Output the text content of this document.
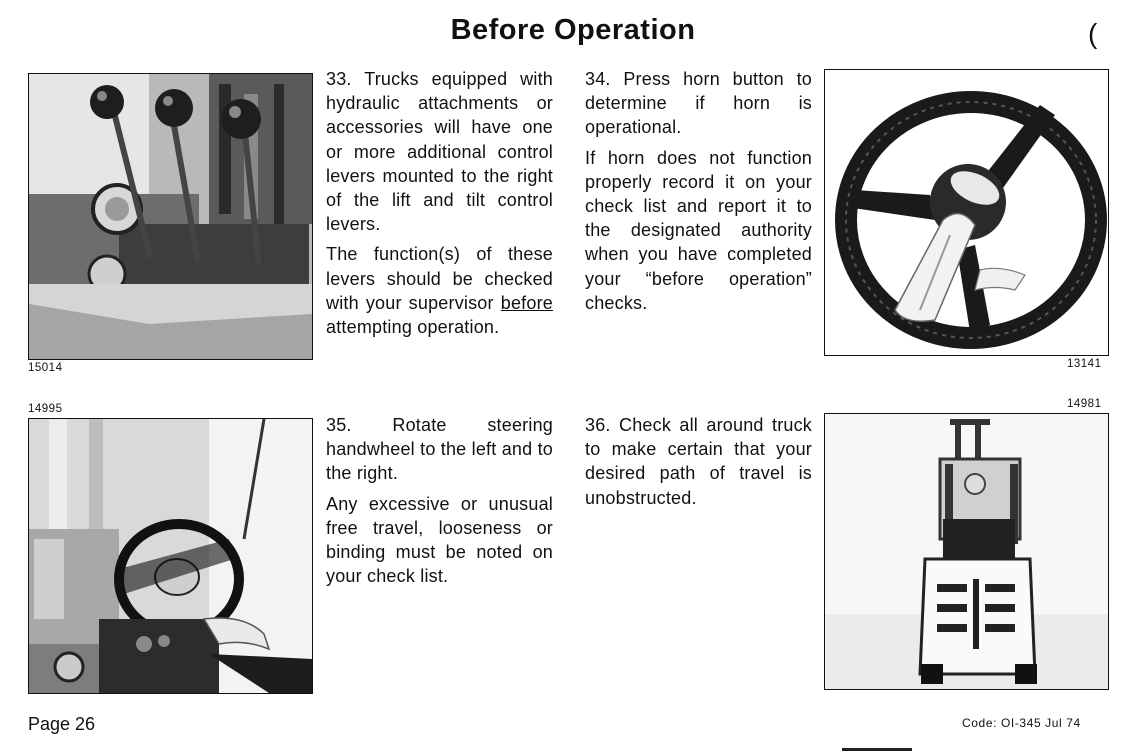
Before Operation	(
15014

33. Trucks equipped with hydraulic attachments or accessories will have one or more additional control levers mounted to the right of the lift and tilt control levers.

The function(s) of these levers should be checked with your supervisor before attempting operation.

34. Press horn button to determine if horn is operational.

If horn does not function properly record it on your check list and report it to the designated authority when you have completed your “before operation” checks.

13141
14995

35. Rotate steering handwheel to the left and to the right.

Any excessive or unusual free travel, looseness or binding must be noted on your check list.

36. Check all around truck to make certain that your desired path of travel is unobstructed.

14981
Page 26	Code: OI-345 Jul 74
